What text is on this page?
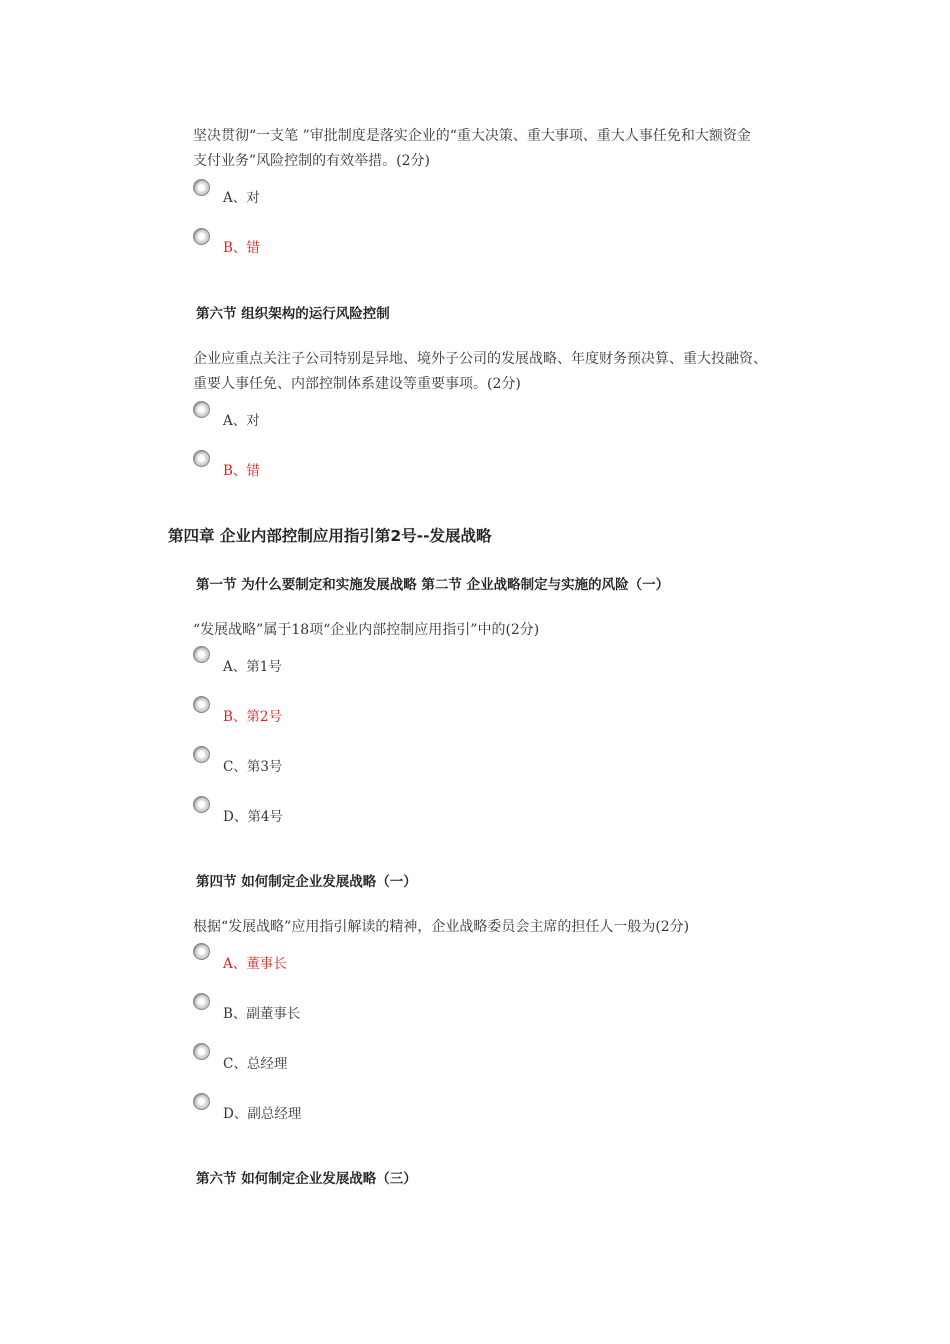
坚决贯彻“一支笔 ”审批制度是落实企业的“重大决策、重大事项、重大人事任免和大额资金
支付业务”风险控制的有效举措。(2分)
A、对
B、错
第六节 组织架构的运行风险控制
企业应重点关注子公司特别是异地、境外子公司的发展战略、年度财务预决算、重大投融资、
重要人事任免、内部控制体系建设等重要事项。(2分)
A、对
B、错
第四章 企业内部控制应用指引第2号--发展战略
第一节 为什么要制定和实施发展战略 第二节 企业战略制定与实施的风险（一）
“发展战略”属于18项“企业内部控制应用指引”中的(2分)
A、第1号
B、第2号
C、第3号
D、第4号
第四节 如何制定企业发展战略（一）
根据“发展战略”应用指引解读的精神，企业战略委员会主席的担任人一般为(2分)
A、董事长
B、副董事长
C、总经理
D、副总经理
第六节 如何制定企业发展战略（三）
